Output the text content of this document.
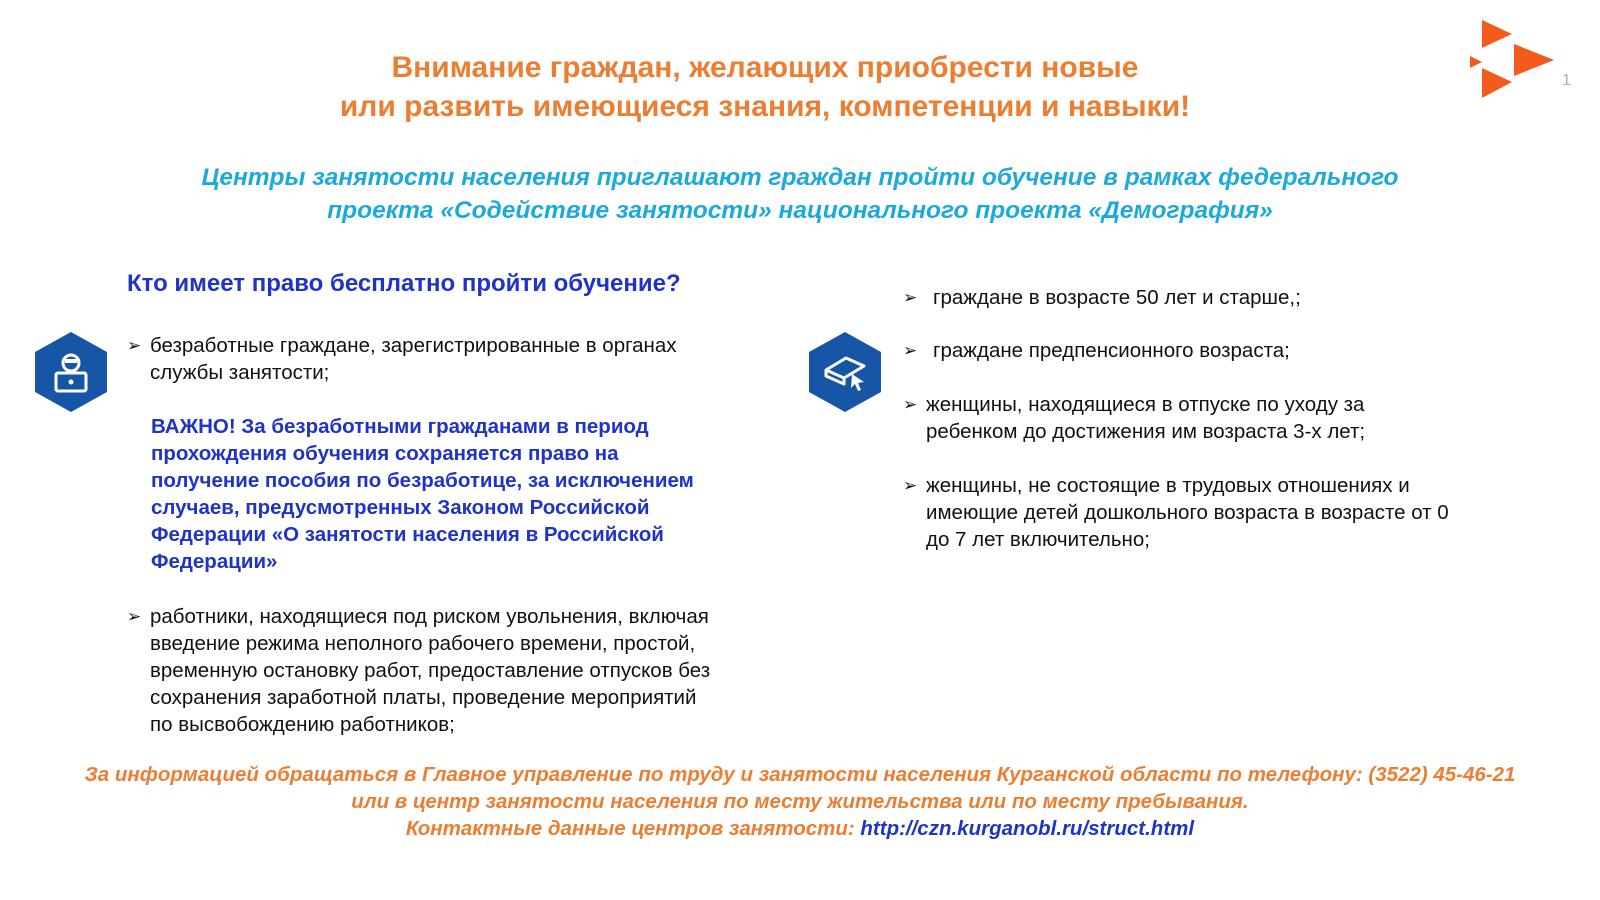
Внимание граждан, желающих приобрести новые
или развить имеющиеся знания, компетенции и навыки!
1
Центры занятости населения приглашают граждан пройти обучение в рамках федерального
проекта «Содействие занятости» национального проекта «Демография»
Кто имеет право бесплатно пройти обучение?
➢ безработные граждане, зарегистрированные в органах
службы занятости;
ВАЖНО! За безработными гражданами в период
прохождения обучения сохраняется право на
получение пособия по безработице, за исключением
случаев, предусмотренных Законом Российской
Федерации «О занятости населения в Российской
Федерации»
➢ работники, находящиеся под риском увольнения, включая
введение режима неполного рабочего времени, простой,
временную остановку работ, предоставление отпусков без
сохранения заработной платы, проведение мероприятий
по высвобождению работников;
➢ граждане в возрасте 50 лет и старше,;
➢ граждане предпенсионного возраста;
➢ женщины, находящиеся в отпуске по уходу за
ребенком до достижения им возраста 3-х лет;
➢ женщины, не состоящие в трудовых отношениях и
имеющие детей дошкольного возраста в возрасте от 0
до 7 лет включительно;
За информацией обращаться в Главное управление по труду и занятости населения Курганской области по телефону: (3522) 45-46-21
или в центр занятости населения по месту жительства или по месту пребывания.
Контактные данные центров занятости: http://czn.kurganobl.ru/struct.html
